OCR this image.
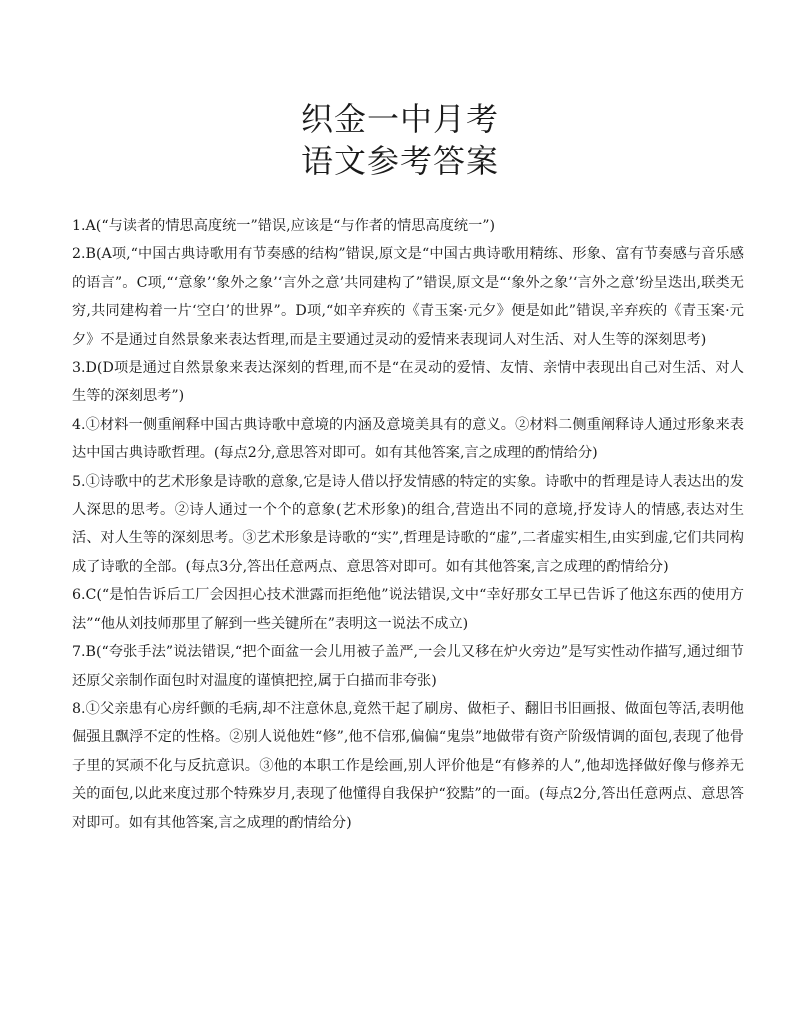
织金一中月考
语文参考答案

1.A(“与读者的情思高度统一”错误,应该是“与作者的情思高度统一”)

2.B(A项,“中国古典诗歌用有节奏感的结构”错误,原文是“中国古典诗歌用精练、形象、富有节奏感与音乐感的语言”。C项,“‘意象’‘象外之象’‘言外之意’共同建构了”错误,原文是“‘象外之象’‘言外之意’纷呈迭出,联类无穷,共同建构着一片‘空白’的世界”。D项,“如辛弃疾的《青玉案·元夕》便是如此”错误,辛弃疾的《青玉案·元夕》不是通过自然景象来表达哲理,而是主要通过灵动的爱情来表现词人对生活、对人生等的深刻思考)

3.D(D项是通过自然景象来表达深刻的哲理,而不是“在灵动的爱情、友情、亲情中表现出自己对生活、对人生等的深刻思考”)

4.①材料一侧重阐释中国古典诗歌中意境的内涵及意境美具有的意义。②材料二侧重阐释诗人通过形象来表达中国古典诗歌哲理。(每点2分,意思答对即可。如有其他答案,言之成理的酌情给分)

5.①诗歌中的艺术形象是诗歌的意象,它是诗人借以抒发情感的特定的实象。诗歌中的哲理是诗人表达出的发人深思的思考。②诗人通过一个个的意象(艺术形象)的组合,营造出不同的意境,抒发诗人的情感,表达对生活、对人生等的深刻思考。③艺术形象是诗歌的“实”,哲理是诗歌的“虚”,二者虚实相生,由实到虚,它们共同构成了诗歌的全部。(每点3分,答出任意两点、意思答对即可。如有其他答案,言之成理的酌情给分)

6.C(“是怕告诉后工厂会因担心技术泄露而拒绝他”说法错误,文中“幸好那女工早已告诉了他这东西的使用方法”“他从刘技师那里了解到一些关键所在”表明这一说法不成立)

7.B(“夸张手法”说法错误,“把个面盆一会儿用被子盖严,一会儿又移在炉火旁边”是写实性动作描写,通过细节还原父亲制作面包时对温度的谨慎把控,属于白描而非夸张)

8.①父亲患有心房纤颤的毛病,却不注意休息,竟然干起了刷房、做柜子、翻旧书旧画报、做面包等活,表明他倔强且飘浮不定的性格。②别人说他姓“修”,他不信邪,偏偏“鬼祟”地做带有资产阶级情调的面包,表现了他骨子里的冥顽不化与反抗意识。③他的本职工作是绘画,别人评价他是“有修养的人”,他却选择做好像与修养无关的面包,以此来度过那个特殊岁月,表现了他懂得自我保护“狡黠”的一面。(每点2分,答出任意两点、意思答对即可。如有其他答案,言之成理的酌情给分)
